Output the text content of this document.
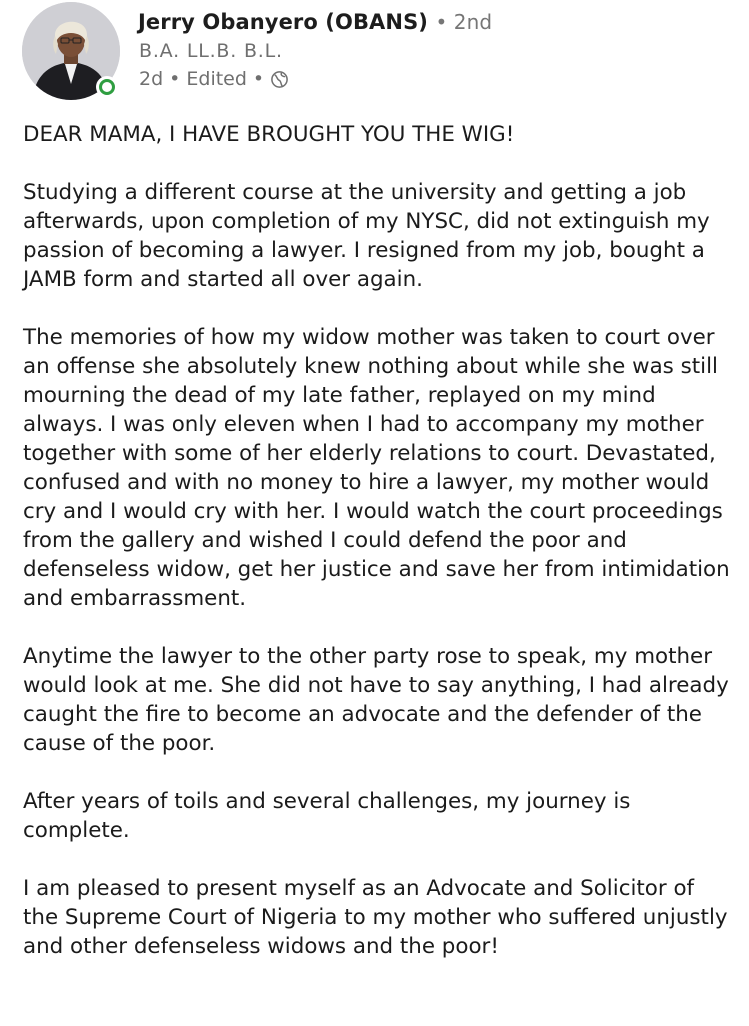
Jerry Obanyero (OBANS) • 2nd
B.A. LL.B. B.L.
2d • Edited •

DEAR MAMA, I HAVE BROUGHT YOU THE WIG!

Studying a different course at the university and getting a job afterwards, upon completion of my NYSC, did not extinguish my passion of becoming a lawyer. I resigned from my job, bought a JAMB form and started all over again.

The memories of how my widow mother was taken to court over an offense she absolutely knew nothing about while she was still mourning the dead of my late father, replayed on my mind always. I was only eleven when I had to accompany my mother together with some of her elderly relations to court. Devastated, confused and with no money to hire a lawyer, my mother would cry and I would cry with her. I would watch the court proceedings from the gallery and wished I could defend the poor and defenseless widow, get her justice and save her from intimidation and embarrassment.

Anytime the lawyer to the other party rose to speak, my mother would look at me. She did not have to say anything, I had already caught the fire to become an advocate and the defender of the cause of the poor.

After years of toils and several challenges, my journey is complete.

I am pleased to present myself as an Advocate and Solicitor of the Supreme Court of Nigeria to my mother who suffered unjustly and other defenseless widows and the poor!
